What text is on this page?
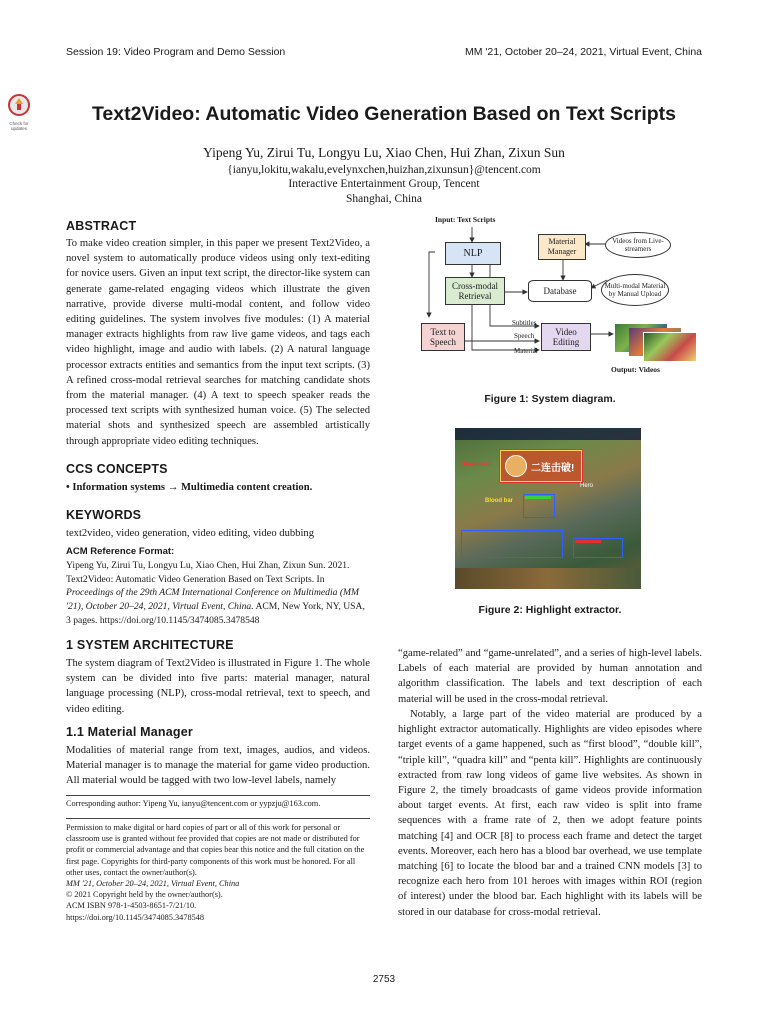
Session 19: Video Program and Demo Session	MM '21, October 20–24, 2021, Virtual Event, China
Check for updates
Text2Video: Automatic Video Generation Based on Text Scripts
Yipeng Yu, Zirui Tu, Longyu Lu, Xiao Chen, Hui Zhan, Zixun Sun
{ianyu,lokitu,wakalu,evelynxchen,huizhan,zixunsun}@tencent.com
Interactive Entertainment Group, Tencent
Shanghai, China
ABSTRACT
To make video creation simpler, in this paper we present Text2Video, a novel system to automatically produce videos using only text-editing for novice users. Given an input text script, the director-like system can generate game-related engaging videos which illustrate the given narrative, provide diverse multi-modal content, and follow video editing guidelines. The system involves five modules: (1) A material manager extracts highlights from raw live game videos, and tags each video highlight, image and audio with labels. (2) A natural language processor extracts entities and semantics from the input text scripts. (3) A refined cross-modal retrieval searches for matching candidate shots from the material manager. (4) A text to speech speaker reads the processed text scripts with synthesized human voice. (5) The selected material shots and synthesized speech are assembled artistically through appropriate video editing techniques.
CCS CONCEPTS
• Information systems → Multimedia content creation.
KEYWORDS
text2video, video generation, video editing, video dubbing
ACM Reference Format:
Yipeng Yu, Zirui Tu, Longyu Lu, Xiao Chen, Hui Zhan, Zixun Sun. 2021. Text2Video: Automatic Video Generation Based on Text Scripts. In Proceedings of the 29th ACM International Conference on Multimedia (MM '21), October 20–24, 2021, Virtual Event, China. ACM, New York, NY, USA, 3 pages. https://doi.org/10.1145/3474085.3478548
1 SYSTEM ARCHITECTURE
The system diagram of Text2Video is illustrated in Figure 1. The whole system can be divided into five parts: material manager, natural language processing (NLP), cross-modal retrieval, text to speech, and video editing.
1.1 Material Manager
Modalities of material range from text, images, audios, and videos. Material manager is to manage the material for game video production. All material would be tagged with two low-level labels, namely
Corresponding author: Yipeng Yu, ianyu@tencent.com or yypzju@163.com.
Permission to make digital or hard copies of part or all of this work for personal or classroom use is granted without fee provided that copies are not made or distributed for profit or commercial advantage and that copies bear this notice and the full citation on the first page. Copyrights for third-party components of this work must be honored. For all other uses, contact the owner/author(s).
MM '21, October 20–24, 2021, Virtual Event, China
© 2021 Copyright held by the owner/author(s).
ACM ISBN 978-1-4503-8651-7/21/10.
https://doi.org/10.1145/3474085.3478548
Input: Text Scripts
NLP
Material Manager
Videos from Live-streamers
Cross-modal Retrieval	Database	Multi-modal Material by Manual Upload
Text to Speech
Video Editing
Subtitles
Speech
Material
Output: Videos
Figure 1: System diagram.
二连击破!
Broadcast
Blood bar
Hero
Figure 2: Highlight extractor.
“game-related” and “game-unrelated”, and a series of high-level labels. Labels of each material are provided by human annotation and algorithm classification. The labels and text description of each material will be used in the cross-modal retrieval.
Notably, a large part of the video material are produced by a highlight extractor automatically. Highlights are video episodes where target events of a game happened, such as “first blood”, “double kill”, “triple kill”, “quadra kill” and “penta kill”. Highlights are continuously extracted from raw long videos of game live websites. As shown in Figure 2, the timely broadcasts of game videos provide information about target events. At first, each raw video is split into frame sequences with a frame rate of 2, then we adopt feature points matching [4] and OCR [8] to process each frame and detect the target events. Moreover, each hero has a blood bar overhead, we use template matching [6] to locate the blood bar and a trained CNN models [3] to recognize each hero from 101 heroes with images within ROI (region of interest) under the blood bar. Each highlight with its labels will be stored in our database for cross-modal retrieval.
2753
